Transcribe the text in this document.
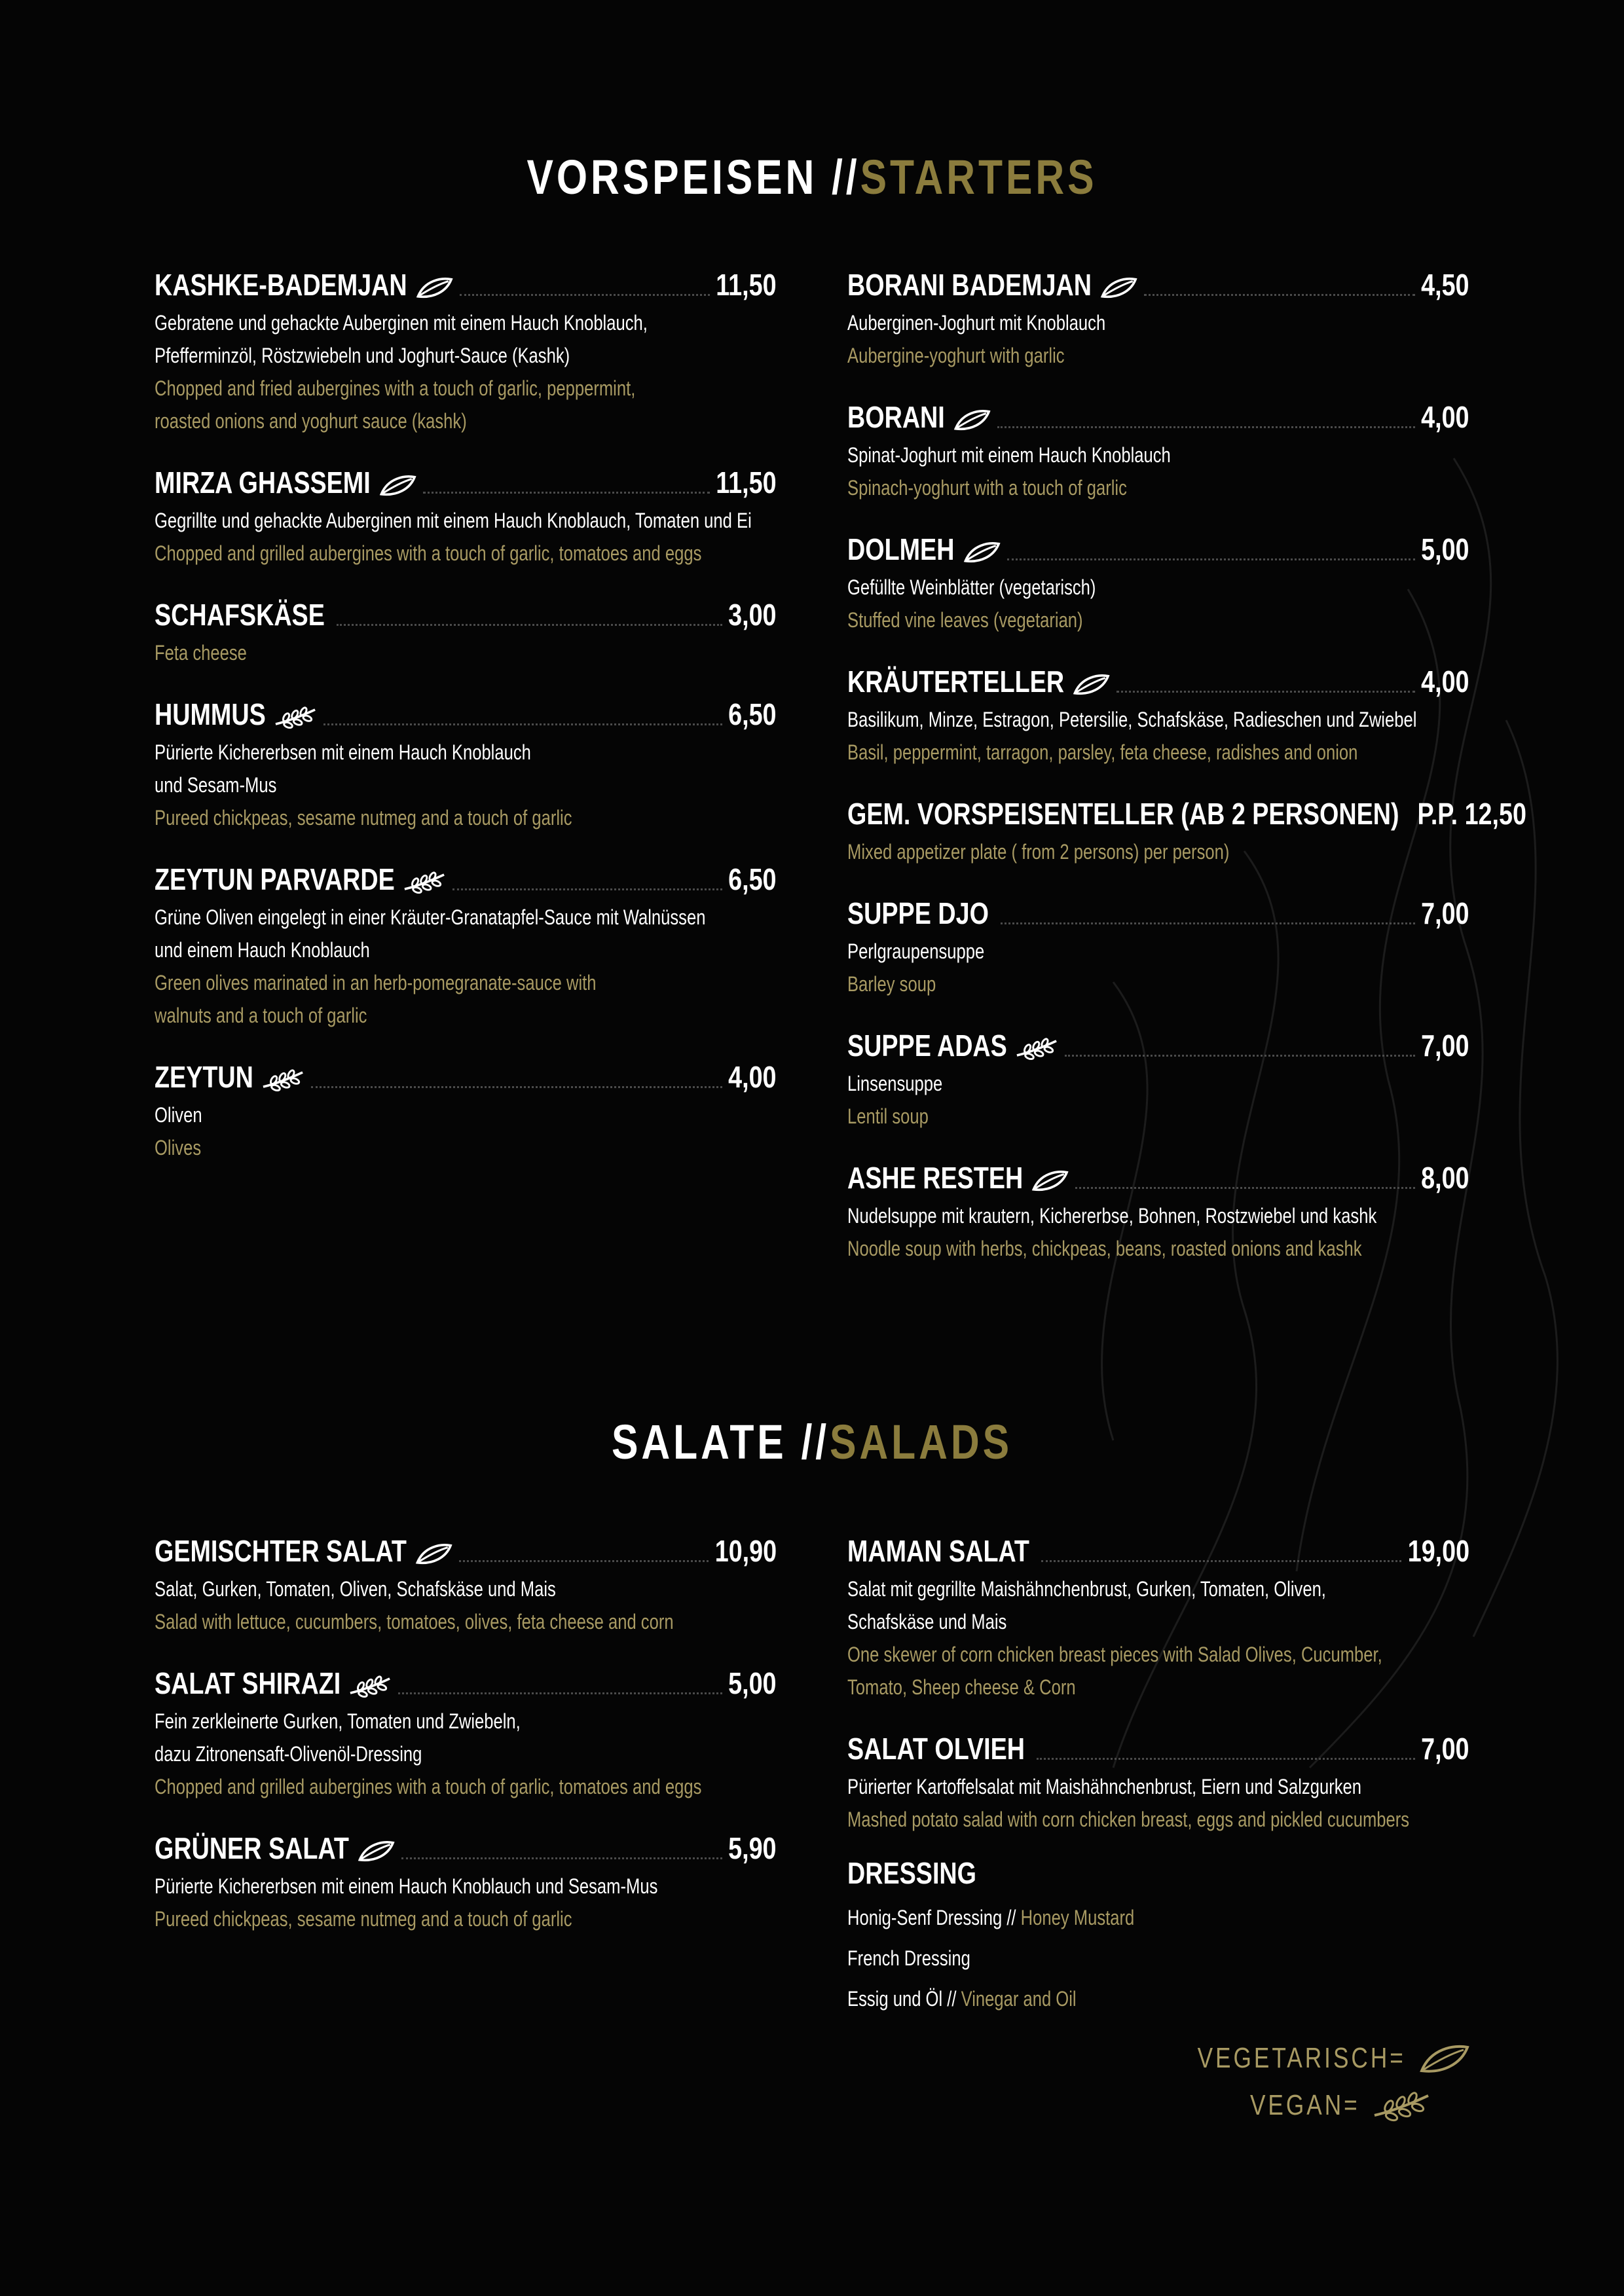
VORSPEISEN //STARTERS
KASHKE-BADEMJAN	11,50
Gebratene und gehackte Auberginen mit einem Hauch Knoblauch,
Pfefferminzöl, Röstzwiebeln und Joghurt-Sauce (Kashk)
Chopped and fried aubergines with a touch of garlic, peppermint,
roasted onions and yoghurt sauce (kashk)
MIRZA GHASSEMI	11,50
Gegrillte und gehackte Auberginen mit einem Hauch Knoblauch, Tomaten und Ei
Chopped and grilled aubergines with a touch of garlic, tomatoes and eggs
SCHAFSKÄSE	3,00
Feta cheese
HUMMUS	6,50
Pürierte Kichererbsen mit einem Hauch Knoblauch
und Sesam-Mus
Pureed chickpeas, sesame nutmeg and a touch of garlic
ZEYTUN PARVARDE	6,50
Grüne Oliven eingelegt in einer Kräuter-Granatapfel-Sauce mit Walnüssen
und einem Hauch Knoblauch
Green olives marinated in an herb-pomegranate-sauce with
walnuts and a touch of garlic
ZEYTUN	4,00
Oliven
Olives
BORANI BADEMJAN	4,50
Auberginen-Joghurt mit Knoblauch
Aubergine-yoghurt with garlic
BORANI	4,00
Spinat-Joghurt mit einem Hauch Knoblauch
Spinach-yoghurt with a touch of garlic
DOLMEH	5,00
Gefüllte Weinblätter (vegetarisch)
Stuffed vine leaves (vegetarian)
KRÄUTERTELLER	4,00
Basilikum, Minze, Estragon, Petersilie, Schafskäse, Radieschen und Zwiebel
Basil, peppermint, tarragon, parsley, feta cheese, radishes and onion
GEM. VORSPEISENTELLER (AB 2 PERSONEN) P.P. 12,50
Mixed appetizer plate ( from 2 persons) per person)
SUPPE DJO	7,00
Perlgraupensuppe
Barley soup
SUPPE ADAS	7,00
Linsensuppe
Lentil soup
ASHE RESTEH	8,00
Nudelsuppe mit krautern, Kichererbse, Bohnen, Rostzwiebel und kashk
Noodle soup with herbs, chickpeas, beans, roasted onions and kashk
SALATE //SALADS
GEMISCHTER SALAT	10,90
Salat, Gurken, Tomaten, Oliven, Schafskäse und Mais
Salad with lettuce, cucumbers, tomatoes, olives, feta cheese and corn
SALAT SHIRAZI	5,00
Fein zerkleinerte Gurken, Tomaten und Zwiebeln,
dazu Zitronensaft-Olivenöl-Dressing
Chopped and grilled aubergines with a touch of garlic, tomatoes and eggs
GRÜNER SALAT	5,90
Pürierte Kichererbsen mit einem Hauch Knoblauch und Sesam-Mus
Pureed chickpeas, sesame nutmeg and a touch of garlic
MAMAN SALAT	19,00
Salat mit gegrillte Maishähnchenbrust, Gurken, Tomaten, Oliven,
Schafskäse und Mais
One skewer of corn chicken breast pieces with Salad Olives, Cucumber,
Tomato, Sheep cheese & Corn
SALAT OLVIEH	7,00
Pürierter Kartoffelsalat mit Maishähnchenbrust, Eiern und Salzgurken
Mashed potato salad with corn chicken breast, eggs and pickled cucumbers
DRESSING
Honig-Senf Dressing // Honey Mustard
French Dressing
Essig und Öl // Vinegar and Oil
VEGETARISCH=
VEGAN=
